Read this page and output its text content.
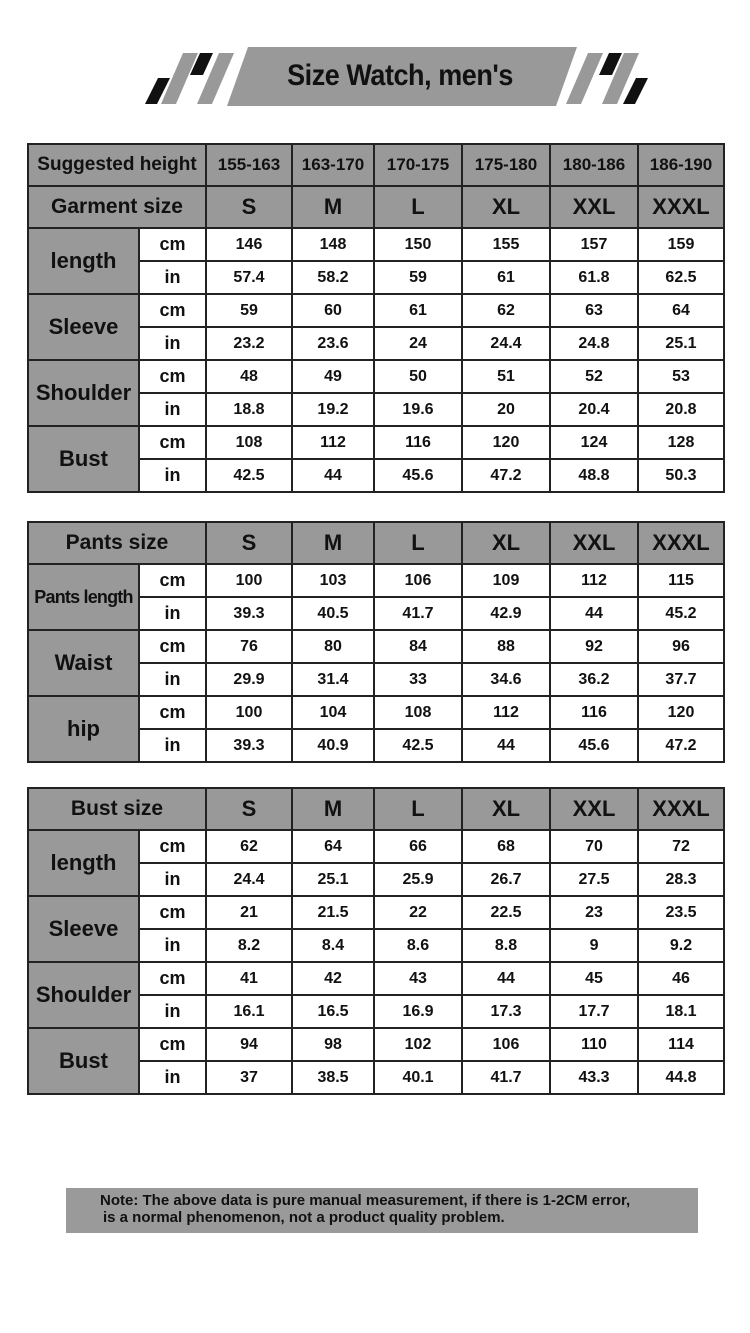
Size Watch, men's
Suggested height		155-163	163-170	170-175	175-180	180-186	186-190
Garment size		S	M	L	XL	XXL	XXXL
length	cm	146	148	150	155	157	159
	in	57.4	58.2	59	61	61.8	62.5
Sleeve	cm	59	60	61	62	63	64
	in	23.2	23.6	24	24.4	24.8	25.1
Shoulder	cm	48	49	50	51	52	53
	in	18.8	19.2	19.6	20	20.4	20.8
Bust	cm	108	112	116	120	124	128
	in	42.5	44	45.6	47.2	48.8	50.3
Pants size		S	M	L	XL	XXL	XXXL
Pants length	cm	100	103	106	109	112	115
	in	39.3	40.5	41.7	42.9	44	45.2
Waist	cm	76	80	84	88	92	96
	in	29.9	31.4	33	34.6	36.2	37.7
hip	cm	100	104	108	112	116	120
	in	39.3	40.9	42.5	44	45.6	47.2
Bust size		S	M	L	XL	XXL	XXXL
length	cm	62	64	66	68	70	72
	in	24.4	25.1	25.9	26.7	27.5	28.3
Sleeve	cm	21	21.5	22	22.5	23	23.5
	in	8.2	8.4	8.6	8.8	9	9.2
Shoulder	cm	41	42	43	44	45	46
	in	16.1	16.5	16.9	17.3	17.7	18.1
Bust	cm	94	98	102	106	110	114
	in	37	38.5	40.1	41.7	43.3	44.8
Note: The above data is pure manual measurement, if there is 1-2CM error,
is a normal phenomenon, not a product quality problem.
